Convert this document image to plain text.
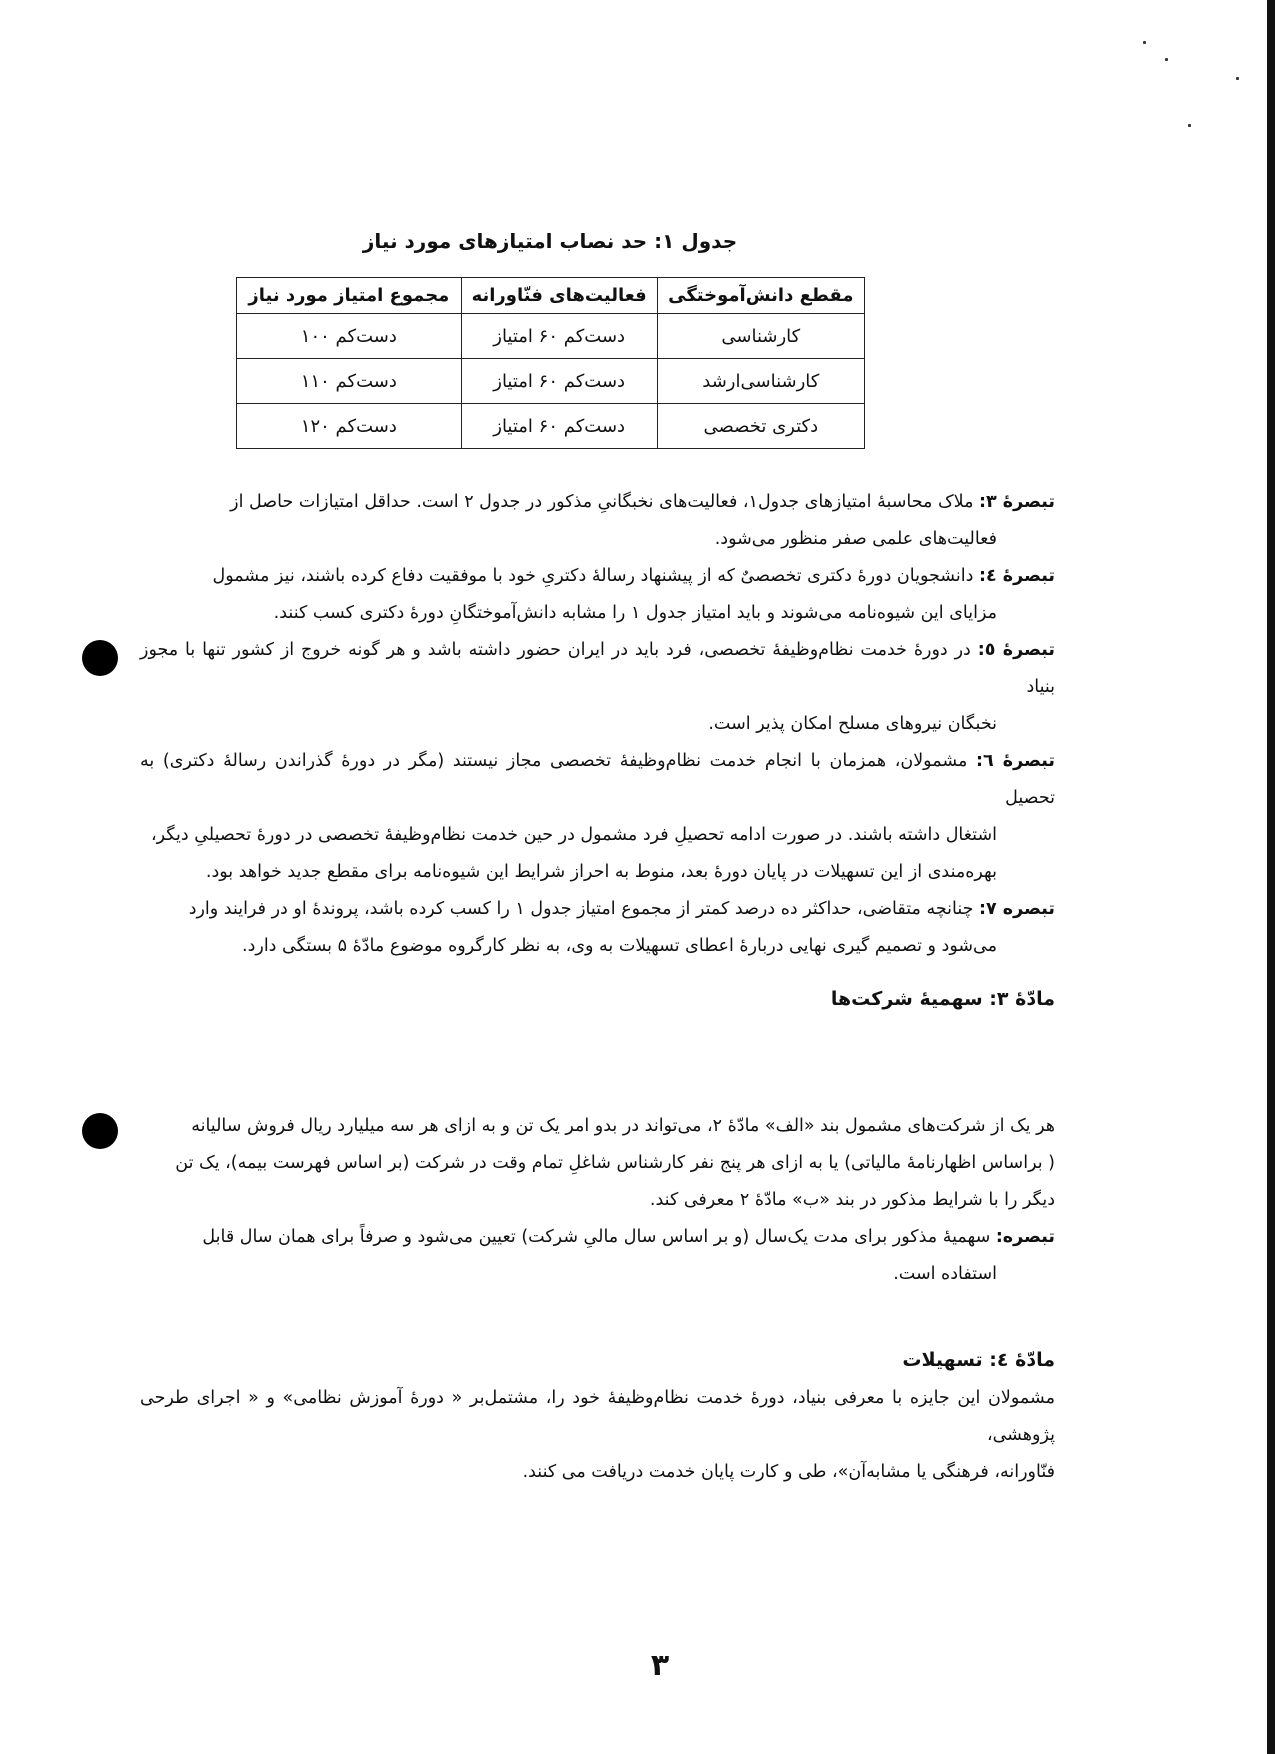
جدول ۱: حد نصاب امتیازهای مورد نیاز
مقطع دانش‌آموختگی	فعالیت‌های فنّاورانه	مجموع امتیاز مورد نیاز
کارشناسی	دست‌کم ۶۰ امتیاز	دست‌کم ۱۰۰
کارشناسی‌ارشد	دست‌کم ۶۰ امتیاز	دست‌کم ۱۱۰
دکتری تخصصی	دست‌کم ۶۰ امتیاز	دست‌کم ۱۲۰

تبصرهٔ ۳: ملاک محاسبهٔ امتیازهای جدول۱، فعالیت‌های نخبگانیِ مذکور در جدول ۲ است. حداقل امتیازات حاصل از

فعالیت‌های علمی صفر منظور می‌شود.

تبصرهٔ ٤: دانشجویان دورهٔ دکتری تخصصیٌ که از پیشنهاد رسالهٔ دکتریِ خود با موفقیت دفاع کرده باشند، نیز مشمول

مزایای این شیوه‌نامه می‌شوند و باید امتیاز جدول ۱ را مشابه دانش‌آموختگانِ دورهٔ دکتری کسب کنند.

تبصرهٔ ٥: در دورهٔ خدمت نظام‌وظیفهٔ تخصصی، فرد باید در ایران حضور داشته باشد و هر گونه خروج از کشور تنها با مجوز بنیاد

نخبگان نیروهای مسلح امکان پذیر است.

تبصرهٔ ٦: مشمولان، همزمان با انجام خدمت نظام‌وظیفهٔ تخصصی مجاز نیستند (مگر در دورهٔ گذراندن رسالهٔ دکتری) به تحصیل

اشتغال داشته باشند. در صورت ادامه تحصیلِ فرد مشمول در حین خدمت نظام‌وظیفهٔ تخصصی در دورهٔ تحصیلیِ دیگر،

بهره‌مندی از این تسهیلات در پایان دورهٔ بعد، منوط به احراز شرایط این شیوه‌نامه برای مقطع جدید خواهد بود.

تبصره ۷: چنانچه متقاضی، حداکثر ده درصد کمتر از مجموع امتیاز جدول ۱ را کسب کرده باشد، پروندهٔ او در فرایند وارد

می‌شود و تصمیم گیری نهایی دربارهٔ اعطای تسهیلات به وی، به نظر کارگروه موضوع مادّهٔ ۵ بستگی دارد.

مادّهٔ ۳: سهمیهٔ شرکت‌ها

هر یک از شرکت‌های مشمول بند «الف» مادّهٔ ۲، می‌تواند در بدو امر یک تن و به ازای هر سه میلیارد ریال فروش سالیانه

( براساس اظهارنامهٔ مالیاتی) یا به ازای هر پنج نفر کارشناس شاغلِ تمام وقت در شرکت (بر اساس فهرست بیمه)، یک تن

دیگر را با شرایط مذکور در بند «ب» مادّهٔ ۲ معرفی کند.

تبصره: سهمیهٔ مذکور برای مدت یک‌سال (و بر اساس سال مالیِ شرکت) تعیین می‌شود و صرفاً برای همان سال قابل

استفاده است.

مادّهٔ ٤: تسهیلات

مشمولان این جایزه با معرفی بنیاد، دورهٔ خدمت نظام‌وظیفهٔ خود را، مشتمل‌بر « دورهٔ آموزش نظامی» و « اجرای طرحی پژوهشی،

فنّاورانه، فرهنگی یا مشابه‌آن»، طی و کارت پایان خدمت دریافت می کنند.

۳
